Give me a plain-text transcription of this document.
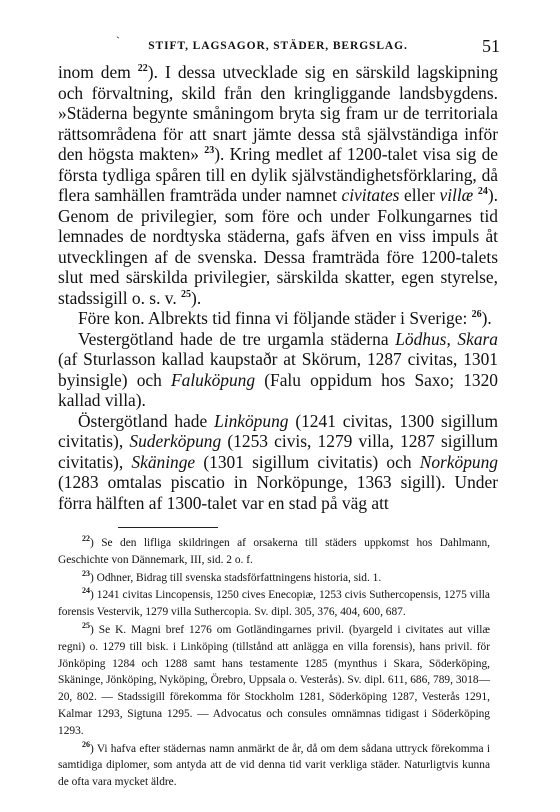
`	STIFT, LAGSAGOR, STÄDER, BERGSLAG.	51

inom dem $^{22}$). I dessa utvecklade sig en särskild lagskipning och förvaltning, skild från den kringliggande landsbygdens. »Städerna begynte småningom bryta sig fram ur de territoriala rättsområdena för att snart jämte dessa stå självständiga inför den högsta makten» $^{23}$). Kring medlet af 1200-talet visa sig de första tydliga spåren till en dylik självständighetsförklaring, då flera samhällen framträda under namnet civitates eller villæ $^{24}$). Genom de privilegier, som före och under Folkungarnes tid lemnades de nordtyska städerna, gafs äfven en viss impuls åt utvecklingen af de svenska. Dessa framträda före 1200-talets slut med särskilda privilegier, särskilda skatter, egen styrelse, stadssigill o. s. v. $^{25}$).

Före kon. Albrekts tid finna vi följande städer i Sverige: $^{26}$).

Vestergötland hade de tre urgamla städerna Lödhus, Skara (af Sturlasson kallad kaupstaðr at Skörum, 1287 civitas, 1301 byinsigle) och Faluköpung (Falu oppidum hos Saxo; 1320 kallad villa).

Östergötland hade Linköpung (1241 civitas, 1300 sigillum civitatis), Suderköpung (1253 civis, 1279 villa, 1287 sigillum civitatis), Skäninge (1301 sigillum civitatis) och Norköpung (1283 omtalas piscatio in Norköpunge, 1363 sigill). Under förra hälften af 1300-talet var en stad på väg att

$^{22}$) Se den lifliga skildringen af orsakerna till städers uppkomst hos Dahlmann, Geschichte von Dännemark, III, sid. 2 o. f.

$^{23}$) Odhner, Bidrag till svenska stadsförfattningens historia, sid. 1.

$^{24}$) 1241 civitas Lincopensis, 1250 cives Enecopiæ, 1253 civis Suthercopensis, 1275 villa forensis Vestervik, 1279 villa Suthercopia. Sv. dipl. 305, 376, 404, 600, 687.

$^{25}$) Se K. Magni bref 1276 om Gotländingarnes privil. (byargeld i civitates aut villæ regni) o. 1279 till bisk. i Linköping (tillstånd att anlägga en villa forensis), hans privil. för Jönköping 1284 och 1288 samt hans testamente 1285 (mynthus i Skara, Söderköping, Skäninge, Jönköping, Nyköping, Örebro, Uppsala o. Vesterås). Sv. dipl. 611, 686, 789, 3018—20, 802. — Stadssigill förekomma för Stockholm 1281, Söderköping 1287, Vesterås 1291, Kalmar 1293, Sigtuna 1295. — Advocatus och consules omnämnas tidigast i Söderköping 1293.

$^{26}$) Vi hafva efter städernas namn anmärkt de år, då om dem sådana uttryck förekomma i samtidiga diplomer, som antyda att de vid denna tid varit verkliga städer. Naturligtvis kunna de ofta vara mycket äldre.
